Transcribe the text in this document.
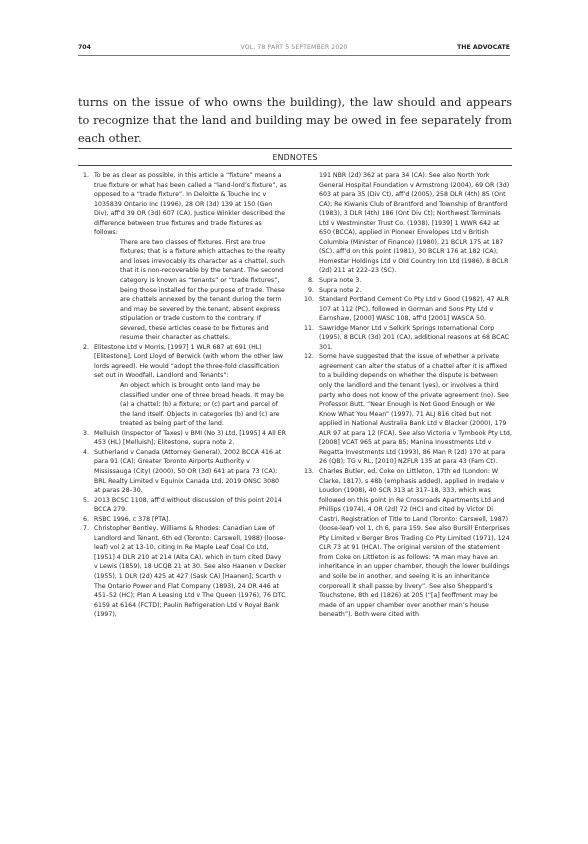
704	VOL. 78 PART 5 SEPTEMBER 2020	THE ADVOCATE

turns on the issue of who owns the building), the law should and appears to recognize that the land and building may be owed in fee separately from each other.

ENDNOTES
1. To be as clear as possible, in this article a “fixture” means a true fixture or what has been called a “land-lord’s fixture”, as opposed to a “trade fixture”. In Deloitte & Touche Inc v 1035839 Ontario Inc (1996), 28 OR (3d) 139 at 150 (Gen Div), aff’d 39 OR (3d) 607 (CA), Justice Winkler described the difference between true fixtures and trade fixtures as follows:
There are two classes of fixtures. First are true fixtures; that is a fixture which attaches to the realty and loses irrevocably its character as a chattel, such that it is non-recoverable by the tenant. The second category is known as “tenants” or “trade fixtures”, being those installed for the purpose of trade. These are chattels annexed by the tenant during the term and may be severed by the tenant, absent express stipulation or trade custom to the contrary. If severed, these articles cease to be fixtures and resume their character as chattels.
2. Elitestone Ltd v Morris, [1997] 1 WLR 687 at 691 (HL) [Elitestone], Lord Lloyd of Berwick (with whom the other law lords agreed). He would “adopt the three-fold classification set out in Woodfall, Landlord and Tenants”:
An object which is brought onto land may be classified under one of three broad heads. It may be (a) a chattel; (b) a fixture; or (c) part and parcel of the land itself. Objects in categories (b) and (c) are treated as being part of the land.
3. Melluish (Inspector of Taxes) v BMI (No 3) Ltd, [1995] 4 All ER 453 (HL) [Melluish]; Elitestone, supra note 2.
4. Sutherland v Canada (Attorney General), 2002 BCCA 416 at para 91 (CA); Greater Toronto Airports Authority v Mississauga (City) (2000), 50 OR (3d) 641 at para 73 (CA); BRL Realty Limited v Equinix Canada Ltd, 2019 ONSC 3080 at paras 28–30.
5. 2013 BCSC 1108, aff’d without discussion of this point 2014 BCCA 279.
6. RSBC 1996, c 378 [PTA].
7. Christopher Bentley, Williams & Rhodes: Canadian Law of Landlord and Tenant, 6th ed (Toronto: Carswell, 1988) (loose-leaf) vol 2 at 13-10, citing In Re Maple Leaf Coal Co Ltd, [1951] 4 DLR 210 at 214 (Alta CA), which in turn cited Davy v Lewis (1859), 18 UCQB 21 at 30. See also Haanen v Decker (1955), 1 DLR (2d) 425 at 427 (Sask CA) [Haanen]; Scarth v The Ontario Power and Flat Company (1893), 24 OR 446 at 451–52 (HC); Plan A Leasing Ltd v The Queen (1976), 76 DTC 6159 at 6164 (FCTD); Paulin Refrigeration Ltd v Royal Bank (1997),
191 NBR (2d) 362 at para 34 (CA). See also North York General Hospital Foundation v Armstrong (2004), 69 OR (3d) 603 at para 35 (Div Ct), aff’d (2005), 258 DLR (4th) 85 (Ont CA); Re Kiwanis Club of Brantford and Township of Brantford (1983), 3 DLR (4th) 186 (Ont Div Ct); Northwest Terminals Ltd v Westminster Trust Co. (1938), [1939] 1 WWR 642 at 650 (BCCA), applied in Pioneer Envelopes Ltd v British Columbia (Minister of Finance) (1980), 21 BCLR 175 at 187 (SC), aff’d on this point (1981), 30 BCLR 176 at 182 (CA); Homestar Holdings Ltd v Old Country Inn Ltd (1986), 8 BCLR (2d) 211 at 222–23 (SC).
8. Supra note 3.
9. Supra note 2.
10. Standard Portland Cement Co Pty Ltd v Good (1982), 47 ALR 107 at 112 (PC), followed in Gorman and Sons Pty Ltd v Earnshaw, [2000] WASC 108, aff’d [2001] WASCA 50.
11. Sawridge Manor Ltd v Selkirk Springs International Corp (1995), 8 BCLR (3d) 201 (CA), additional reasons at 68 BCAC 301.
12. Some have suggested that the issue of whether a private agreement can alter the status of a chattel after it is affixed to a building depends on whether the dispute is between only the landlord and the tenant (yes), or involves a third party who does not know of the private agreement (no). See Professor Butt, “Near Enough Is Not Good Enough or We Know What You Mean” (1997), 71 ALJ 816 cited but not applied in National Australia Bank Ltd v Blacker (2000), 179 ALR 97 at para 12 (FCA). See also Victoria v Tymbook Pty Ltd, [2008] VCAT 965 at para 85; Manina Investments Ltd v Regatta Investments Ltd (1993), 86 Man R (2d) 170 at para 26 (QB); TG v RL, [2010] NZFLR 135 at para 43 (Fam Ct).
13. Charles Butler, ed, Coke on Littleton, 17th ed (London: W Clarke, 1817), s 48b (emphasis added), applied in Iredale v Loudon (1908), 40 SCR 313 at 317–18, 333, which was followed on this point in Re Crossroads Apartments Ltd and Phillips (1974), 4 OR (2d) 72 (HC) and cited by Victor Di Castri, Registration of Title to Land (Toronto: Carswell, 1987) (loose-leaf) vol 1, ch 6, para 159. See also Bursill Enterprises Pty Limited v Berger Bros Trading Co Pty Limited (1971), 124 CLR 73 at 91 (HCA). The original version of the statement from Coke on Littleton is as follows: “A man may have an inheritance in an upper chamber, though the lower buildings and soile be in another, and seeing it is an inheritance corporeall it shall passe by livery”. See also Sheppard’s Touchstone, 8th ed (1826) at 205 (“[a] feoffment may be made of an upper chamber over another man’s house beneath”). Both were cited with
